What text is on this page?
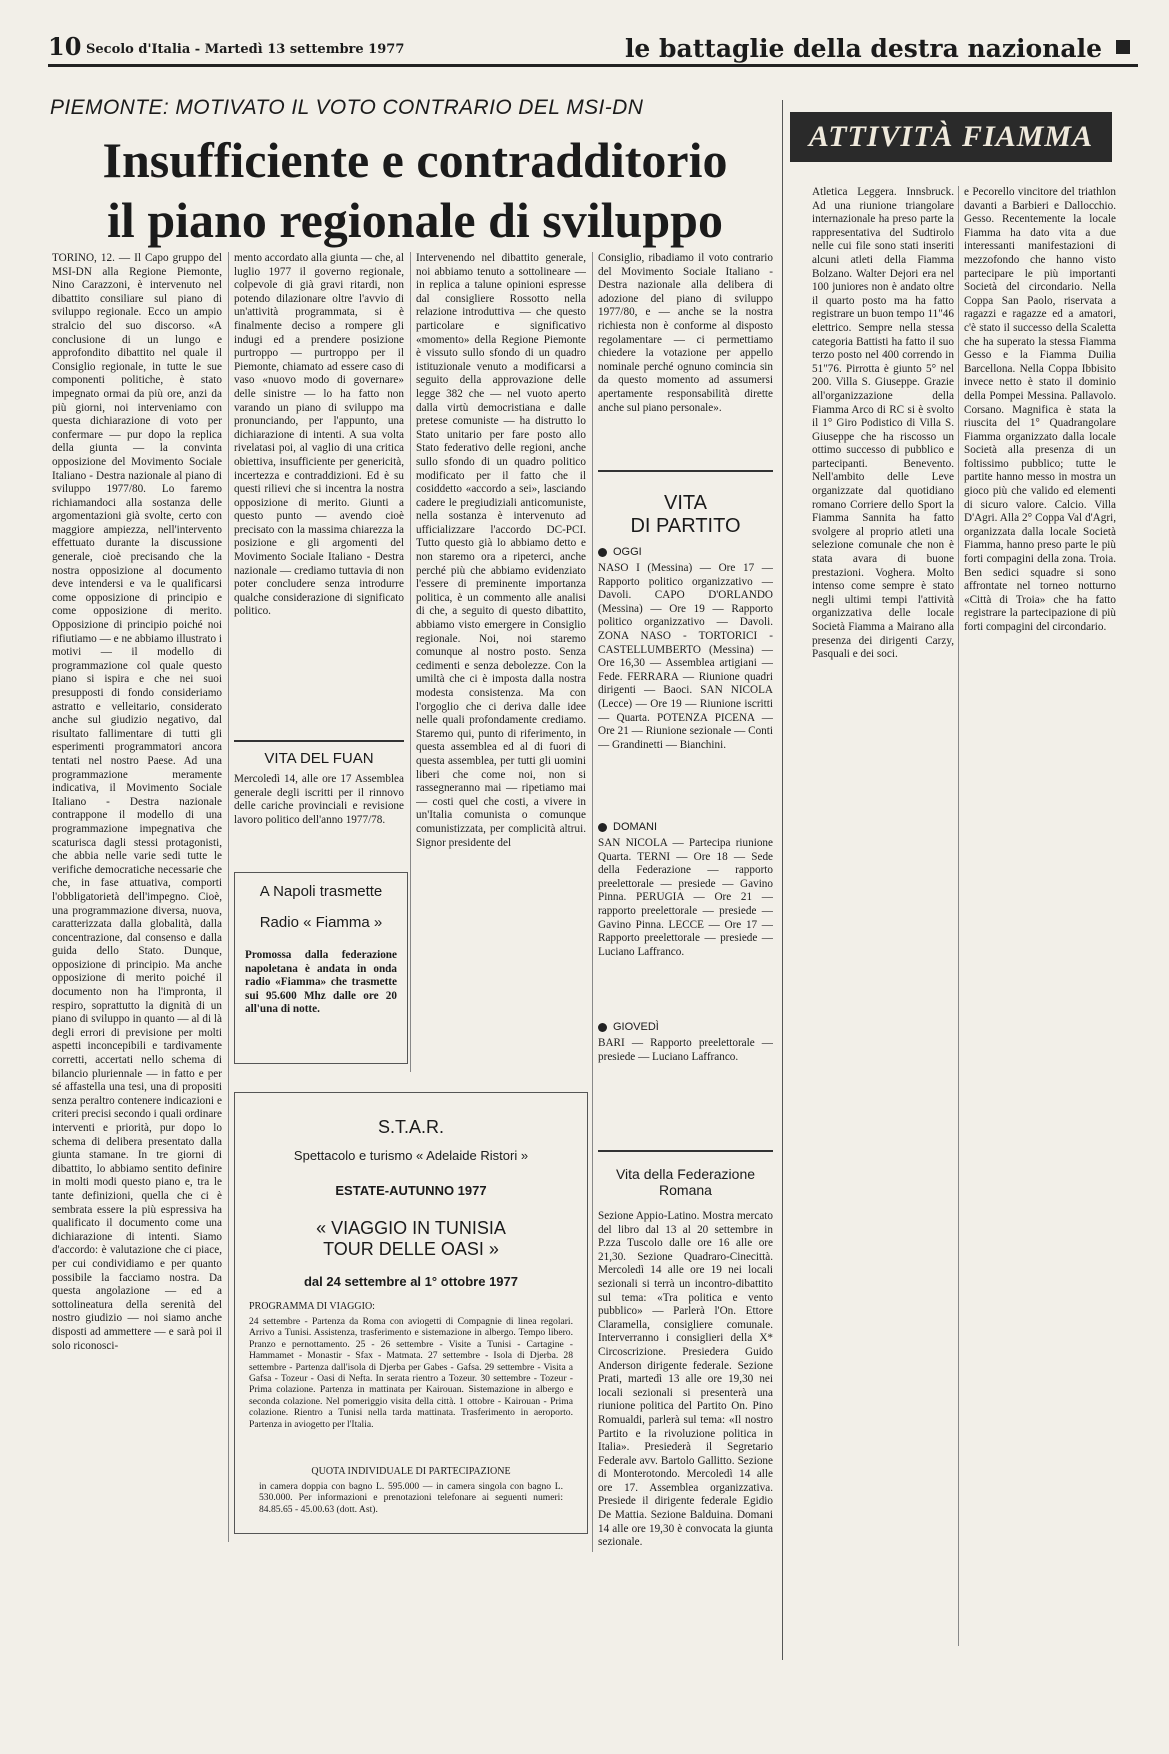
10 Secolo d'Italia - Martedì 13 settembre 1977	le battaglie della destra nazionale
PIEMONTE: MOTIVATO IL VOTO CONTRARIO DEL MSI-DN
Insufficiente e contradditorio
il piano regionale di sviluppo
TORINO, 12. — Il Capo gruppo del MSI-DN alla Regione Piemonte, Nino Carazzoni, è intervenuto nel dibattito consiliare sul piano di sviluppo regionale. Ecco un ampio stralcio del suo discorso. «A conclusione di un lungo e approfondito dibattito nel quale il Consiglio regionale, in tutte le sue componenti politiche, è stato impegnato ormai da più ore, anzi da più giorni, noi interveniamo con questa dichiarazione di voto per confermare — pur dopo la replica della giunta — la convinta opposizione del Movimento Sociale Italiano - Destra nazionale al piano di sviluppo 1977/80. Lo faremo richiamandoci alla sostanza delle argomentazioni già svolte, certo con maggiore ampiezza, nell'intervento effettuato durante la discussione generale, cioè precisando che la nostra opposizione al documento deve intendersi e va le qualificarsi come opposizione di principio e come opposizione di merito. Opposizione di principio poiché noi rifiutiamo — e ne abbiamo illustrato i motivi — il modello di programmazione col quale questo piano si ispira e che nei suoi presupposti di fondo consideriamo astratto e velleitario, considerato anche sul giudizio negativo, dal risultato fallimentare di tutti gli esperimenti programmatori ancora tentati nel nostro Paese. Ad una programmazione meramente indicativa, il Movimento Sociale Italiano - Destra nazionale contrappone il modello di una programmazione impegnativa che scaturisca dagli stessi protagonisti, che abbia nelle varie sedi tutte le verifiche democratiche necessarie che che, in fase attuativa, comporti l'obbligatorietà dell'impegno. Cioè, una programmazione diversa, nuova, caratterizzata dalla globalità, dalla concentrazione, dal consenso e dalla guida dello Stato. Dunque, opposizione di principio. Ma anche opposizione di merito poiché il documento non ha l'impronta, il respiro, soprattutto la dignità di un piano di sviluppo in quanto — al di là degli errori di previsione per molti aspetti inconcepibili e tardivamente corretti, accertati nello schema di bilancio pluriennale — in fatto e per sé affastella una tesi, una di propositi senza peraltro contenere indicazioni e criteri precisi secondo i quali ordinare interventi e priorità, pur dopo lo schema di delibera presentato dalla giunta stamane. In tre giorni di dibattito, lo abbiamo sentito definire in molti modi questo piano e, tra le tante definizioni, quella che ci è sembrata essere la più espressiva ha qualificato il documento come una dichiarazione di intenti. Siamo d'accordo: è valutazione che ci piace, per cui condividiamo e per quanto possibile la facciamo nostra. Da questa angolazione — ed a sottolineatura della serenità del nostro giudizio — noi siamo anche disposti ad ammettere — e sarà poi il solo riconosci-
mento accordato alla giunta — che, al luglio 1977 il governo regionale, colpevole di già gravi ritardi, non potendo dilazionare oltre l'avvio di un'attività programmata, si è finalmente deciso a rompere gli indugi ed a prendere posizione purtroppo — purtroppo per il Piemonte, chiamato ad essere caso di vaso «nuovo modo di governare» delle sinistre — lo ha fatto non varando un piano di sviluppo ma pronunciando, per l'appunto, una dichiarazione di intenti. A sua volta rivelatasi poi, al vaglio di una critica obiettiva, insufficiente per genericità, incertezza e contraddizioni. Ed è su questi rilievi che si incentra la nostra opposizione di merito. Giunti a questo punto — avendo cioè precisato con la massima chiarezza la posizione e gli argomenti del Movimento Sociale Italiano - Destra nazionale — crediamo tuttavia di non poter concludere senza introdurre qualche considerazione di significato politico.
Intervenendo nel dibattito generale, noi abbiamo tenuto a sottolineare — in replica a talune opinioni espresse dal consigliere Rossotto nella relazione introduttiva — che questo particolare e significativo «momento» della Regione Piemonte è vissuto sullo sfondo di un quadro istituzionale venuto a modificarsi a seguito della approvazione delle legge 382 che — nel vuoto aperto dalla virtù democristiana e dalle pretese comuniste — ha distrutto lo Stato unitario per fare posto allo Stato federativo delle regioni, anche sullo sfondo di un quadro politico modificato per il fatto che il cosiddetto «accordo a sei», lasciando cadere le pregiudiziali anticomuniste, nella sostanza è intervenuto ad ufficializzare l'accordo DC-PCI. Tutto questo già lo abbiamo detto e non staremo ora a ripeterci, anche perché più che abbiamo evidenziato l'essere di preminente importanza politica, è un commento alle analisi di che, a seguito di questo dibattito, abbiamo visto emergere in Consiglio regionale. Noi, noi staremo comunque al nostro posto. Senza cedimenti e senza debolezze. Con la umiltà che ci è imposta dalla nostra modesta consistenza. Ma con l'orgoglio che ci deriva dalle idee nelle quali profondamente crediamo. Staremo qui, punto di riferimento, in questa assemblea ed al di fuori di questa assemblea, per tutti gli uomini liberi che come noi, non si rassegneranno mai — ripetiamo mai — costi quel che costi, a vivere in un'Italia comunista o comunque comunistizzata, per complicità altrui. Signor presidente del
Consiglio, ribadiamo il voto contrario del Movimento Sociale Italiano - Destra nazionale alla delibera di adozione del piano di sviluppo 1977/80, e — anche se la nostra richiesta non è conforme al disposto regolamentare — ci permettiamo chiedere la votazione per appello nominale perché ognuno comincia sin da questo momento ad assumersi apertamente responsabilità dirette anche sul piano personale».
VITA DEL FUAN
Mercoledì 14, alle ore 17 Assemblea generale degli iscritti per il rinnovo delle cariche provinciali e revisione lavoro politico dell'anno 1977/78.
A Napoli trasmette
Radio « Fiamma »
Promossa dalla federazione napoletana è andata in onda radio «Fiamma» che trasmette sui 95.600 Mhz dalle ore 20 all'una di notte.
S.T.A.R.
Spettacolo e turismo « Adelaide Ristori »
ESTATE-AUTUNNO 1977
« VIAGGIO IN TUNISIA
TOUR DELLE OASI »
dal 24 settembre al 1° ottobre 1977
PROGRAMMA DI VIAGGIO:
24 settembre - Partenza da Roma con aviogetti di Compagnie di linea regolari. Arrivo a Tunisi. Assistenza, trasferimento e sistemazione in albergo. Tempo libero. Pranzo e pernottamento. 25 - 26 settembre - Visite a Tunisi - Cartagine - Hammamet - Monastir - Sfax - Matmata. 27 settembre - Isola di Djerba. 28 settembre - Partenza dall'isola di Djerba per Gabes - Gafsa. 29 settembre - Visita a Gafsa - Tozeur - Oasi di Nefta. In serata rientro a Tozeur. 30 settembre - Tozeur - Prima colazione. Partenza in mattinata per Kairouan. Sistemazione in albergo e seconda colazione. Nel pomeriggio visita della città. 1 ottobre - Kairouan - Prima colazione. Rientro a Tunisi nella tarda mattinata. Trasferimento in aeroporto. Partenza in aviogetto per l'Italia.
QUOTA INDIVIDUALE DI PARTECIPAZIONE
in camera doppia con bagno L. 595.000 — in camera singola con bagno L. 530.000. Per informazioni e prenotazioni telefonare ai seguenti numeri: 84.85.65 - 45.00.63 (dott. Ast).
VITA
DI PARTITO
OGGI
NASO I (Messina) — Ore 17 — Rapporto politico organizzativo — Davoli. CAPO D'ORLANDO (Messina) — Ore 19 — Rapporto politico organizzativo — Davoli. ZONA NASO - TORTORICI - CASTELLUMBERTO (Messina) — Ore 16,30 — Assemblea artigiani — Fede. FERRARA — Riunione quadri dirigenti — Baoci. SAN NICOLA (Lecce) — Ore 19 — Riunione iscritti — Quarta. POTENZA PICENA — Ore 21 — Riunione sezionale — Conti — Grandinetti — Bianchini.
DOMANI
SAN NICOLA — Partecipa riunione Quarta. TERNI — Ore 18 — Sede della Federazione — rapporto preelettorale — presiede — Gavino Pinna. PERUGIA — Ore 21 — rapporto preelettorale — presiede — Gavino Pinna. LECCE — Ore 17 — Rapporto preelettorale — presiede — Luciano Laffranco.
GIOVEDÌ
BARI — Rapporto preelettorale — presiede — Luciano Laffranco.
Vita della Federazione
Romana
Sezione Appio-Latino. Mostra mercato del libro dal 13 al 20 settembre in P.zza Tuscolo dalle ore 16 alle ore 21,30. Sezione Quadraro-Cinecittà. Mercoledì 14 alle ore 19 nei locali sezionali si terrà un incontro-dibattito sul tema: «Tra politica e vento pubblico» — Parlerà l'On. Ettore Claramella, consigliere comunale. Interverranno i consiglieri della X* Circoscrizione. Presiedera Guido Anderson dirigente federale. Sezione Prati, martedì 13 alle ore 19,30 nei locali sezionali si presenterà una riunione politica del Partito On. Pino Romualdi, parlerà sul tema: «Il nostro Partito e la rivoluzione politica in Italia». Presiederà il Segretario Federale avv. Bartolo Gallitto. Sezione di Monterotondo. Mercoledì 14 alle ore 17. Assemblea organizzativa. Presiede il dirigente federale Egidio De Mattia. Sezione Balduina. Domani 14 alle ore 19,30 è convocata la giunta sezionale.
ATTIVITÀ FIAMMA
Atletica Leggera. Innsbruck. Ad una riunione triangolare internazionale ha preso parte la rappresentativa del Sudtirolo nelle cui file sono stati inseriti alcuni atleti della Fiamma Bolzano. Walter Dejori era nel 100 juniores non è andato oltre il quarto posto ma ha fatto registrare un buon tempo 11"46 elettrico. Sempre nella stessa categoria Battisti ha fatto il suo terzo posto nel 400 correndo in 51"76. Pirrotta è giunto 5° nel 200. Villa S. Giuseppe. Grazie all'organizzazione della Fiamma Arco di RC si è svolto il 1° Giro Podistico di Villa S. Giuseppe che ha riscosso un ottimo successo di pubblico e partecipanti. Benevento. Nell'ambito delle Leve organizzate dal quotidiano romano Corriere dello Sport la Fiamma Sannita ha fatto svolgere al proprio atleti una selezione comunale che non è stata avara di buone prestazioni. Voghera. Molto intenso come sempre è stato negli ultimi tempi l'attività organizzativa delle locale Società Fiamma a Mairano alla presenza dei dirigenti Carzy, Pasquali e dei soci.
e Pecorello vincitore del triathlon davanti a Barbieri e Dallocchio. Gesso. Recentemente la locale Fiamma ha dato vita a due interessanti manifestazioni di mezzofondo che hanno visto partecipare le più importanti Società del circondario. Nella Coppa San Paolo, riservata a ragazzi e ragazze ed a amatori, c'è stato il successo della Scaletta che ha superato la stessa Fiamma Gesso e la Fiamma Duilia Barcellona. Nella Coppa Ibbisito invece netto è stato il dominio della Pompei Messina. Pallavolo. Corsano. Magnifica è stata la riuscita del 1° Quadrangolare Fiamma organizzato dalla locale Società alla presenza di un foltissimo pubblico; tutte le partite hanno messo in mostra un gioco più che valido ed elementi di sicuro valore. Calcio. Villa D'Agri. Alla 2° Coppa Val d'Agri, organizzata dalla locale Società Fiamma, hanno preso parte le più forti compagini della zona. Troia. Ben sedici squadre si sono affrontate nel torneo notturno «Città di Troia» che ha fatto registrare la partecipazione di più forti compagini del circondario.
